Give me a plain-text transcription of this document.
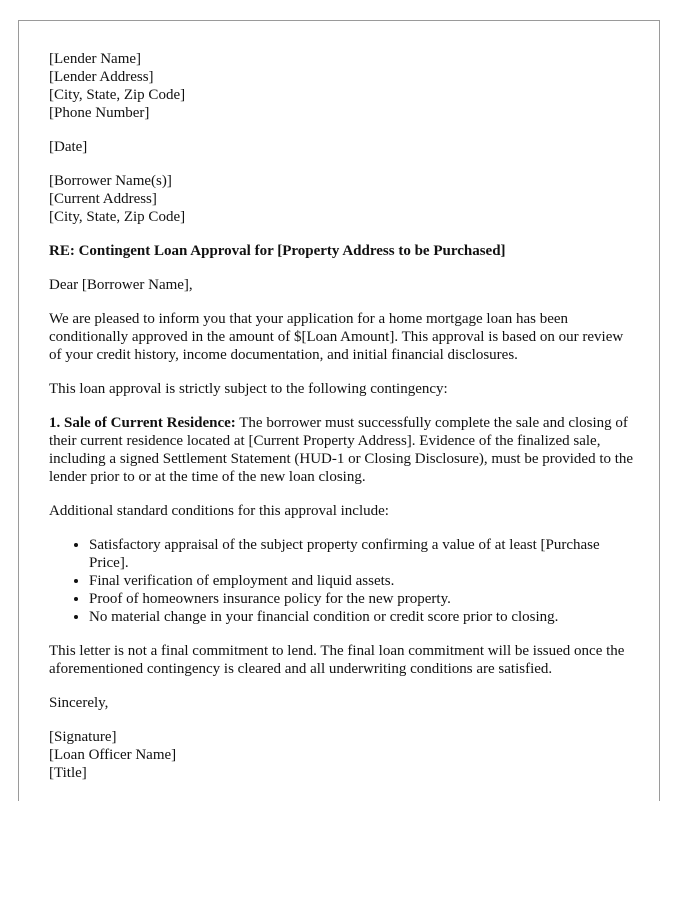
[Lender Name]
[Lender Address]
[City, State, Zip Code]
[Phone Number]

[Date]

[Borrower Name(s)]
[Current Address]
[City, State, Zip Code]

RE: Contingent Loan Approval for [Property Address to be Purchased]

Dear [Borrower Name],

We are pleased to inform you that your application for a home mortgage loan has been conditionally approved in the amount of $[Loan Amount]. This approval is based on our review of your credit history, income documentation, and initial financial disclosures.

This loan approval is strictly subject to the following contingency:

1. Sale of Current Residence: The borrower must successfully complete the sale and closing of their current residence located at [Current Property Address]. Evidence of the finalized sale, including a signed Settlement Statement (HUD-1 or Closing Disclosure), must be provided to the lender prior to or at the time of the new loan closing.

Additional standard conditions for this approval include:

• Satisfactory appraisal of the subject property confirming a value of at least [Purchase Price].
• Final verification of employment and liquid assets.
• Proof of homeowners insurance policy for the new property.
• No material change in your financial condition or credit score prior to closing.

This letter is not a final commitment to lend. The final loan commitment will be issued once the aforementioned contingency is cleared and all underwriting conditions are satisfied.

Sincerely,

[Signature]
[Loan Officer Name]
[Title]
